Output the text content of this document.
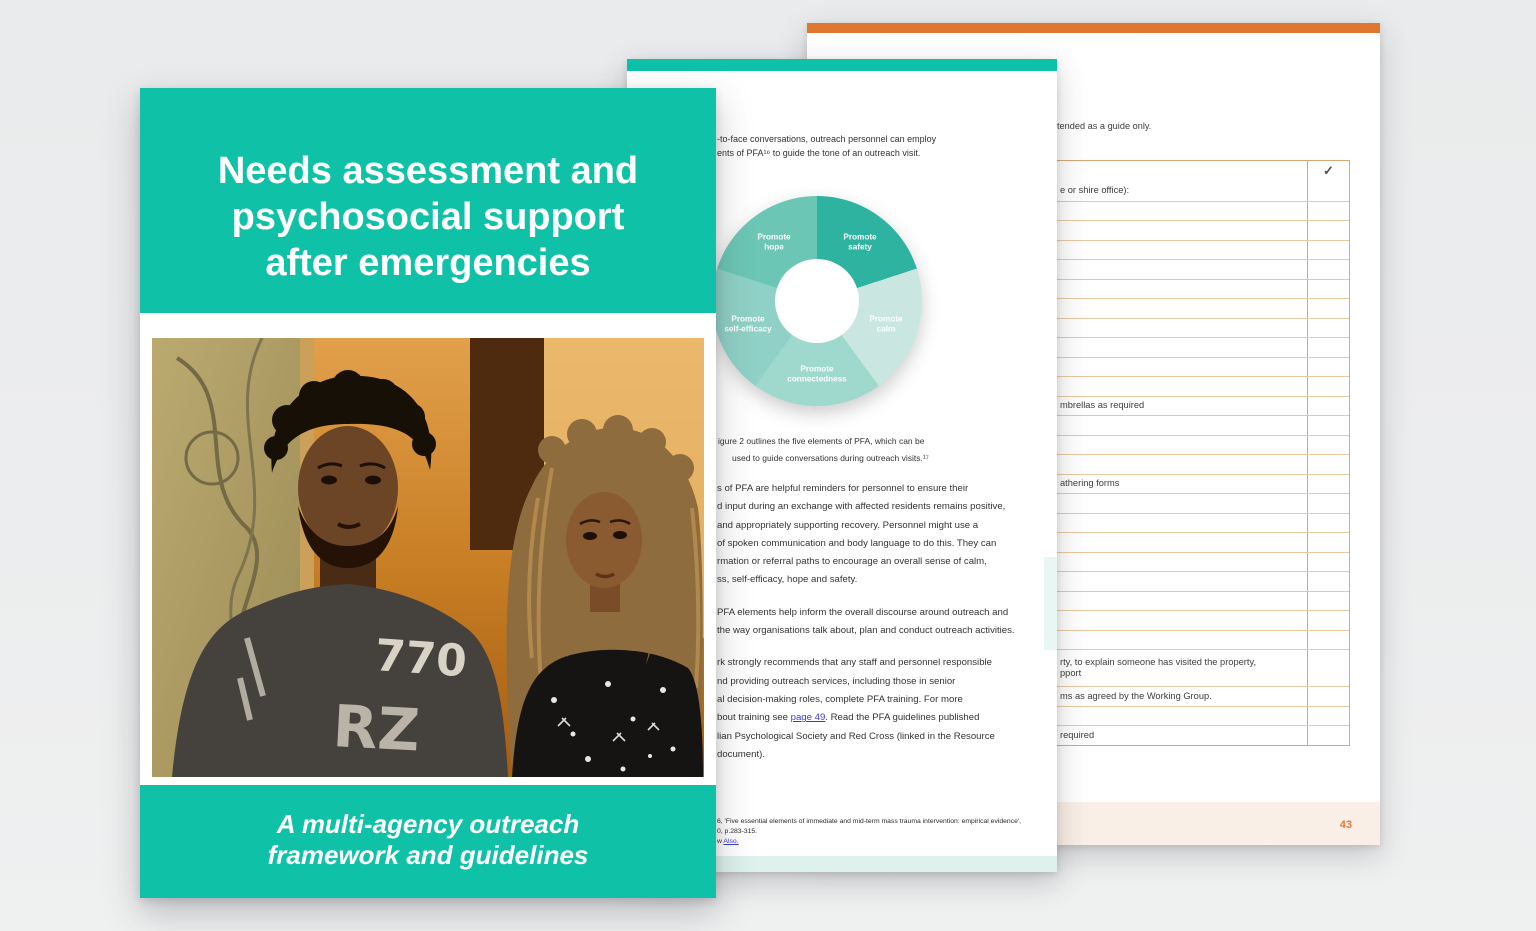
tended as a guide only.
✓
e or shire office):
mbrellas as required
athering forms
rty, to explain someone has visited the property,
pport
ms as agreed by the Working Group.
required
43
-to-face conversations, outreach personnel can employ
ents of PFA¹⁶ to guide the tone of an outreach visit.
Promote
safety
Promote
calm
Promote
connectedness
Promote
self-efficacy
Promote
hope
igure 2 outlines the five elements of PFA, which can be
used to guide conversations during outreach visits.¹⁷
s of PFA are helpful reminders for personnel to ensure their
d input during an exchange with affected residents remains positive,
and appropriately supporting recovery. Personnel might use a
of spoken communication and body language to do this. They can
rmation or referral paths to encourage an overall sense of calm,
ss, self-efficacy, hope and safety.
PFA elements help inform the overall discourse around outreach and
the way organisations talk about, plan and conduct outreach activities.
rk strongly recommends that any staff and personnel responsible
nd providing outreach services, including those in senior
al decision-making roles, complete PFA training. For more
bout training see page 49. Read the PFA guidelines published
lian Psychological Society and Red Cross (linked in the Resource
document).
6, 'Five essential elements of immediate and mid-term mass trauma intervention: empirical evidence',
0, p.283-315.
w Also.
Needs assessment and
psychosocial support
after emergencies
770
RZ
A multi-agency outreach
framework and guidelines
